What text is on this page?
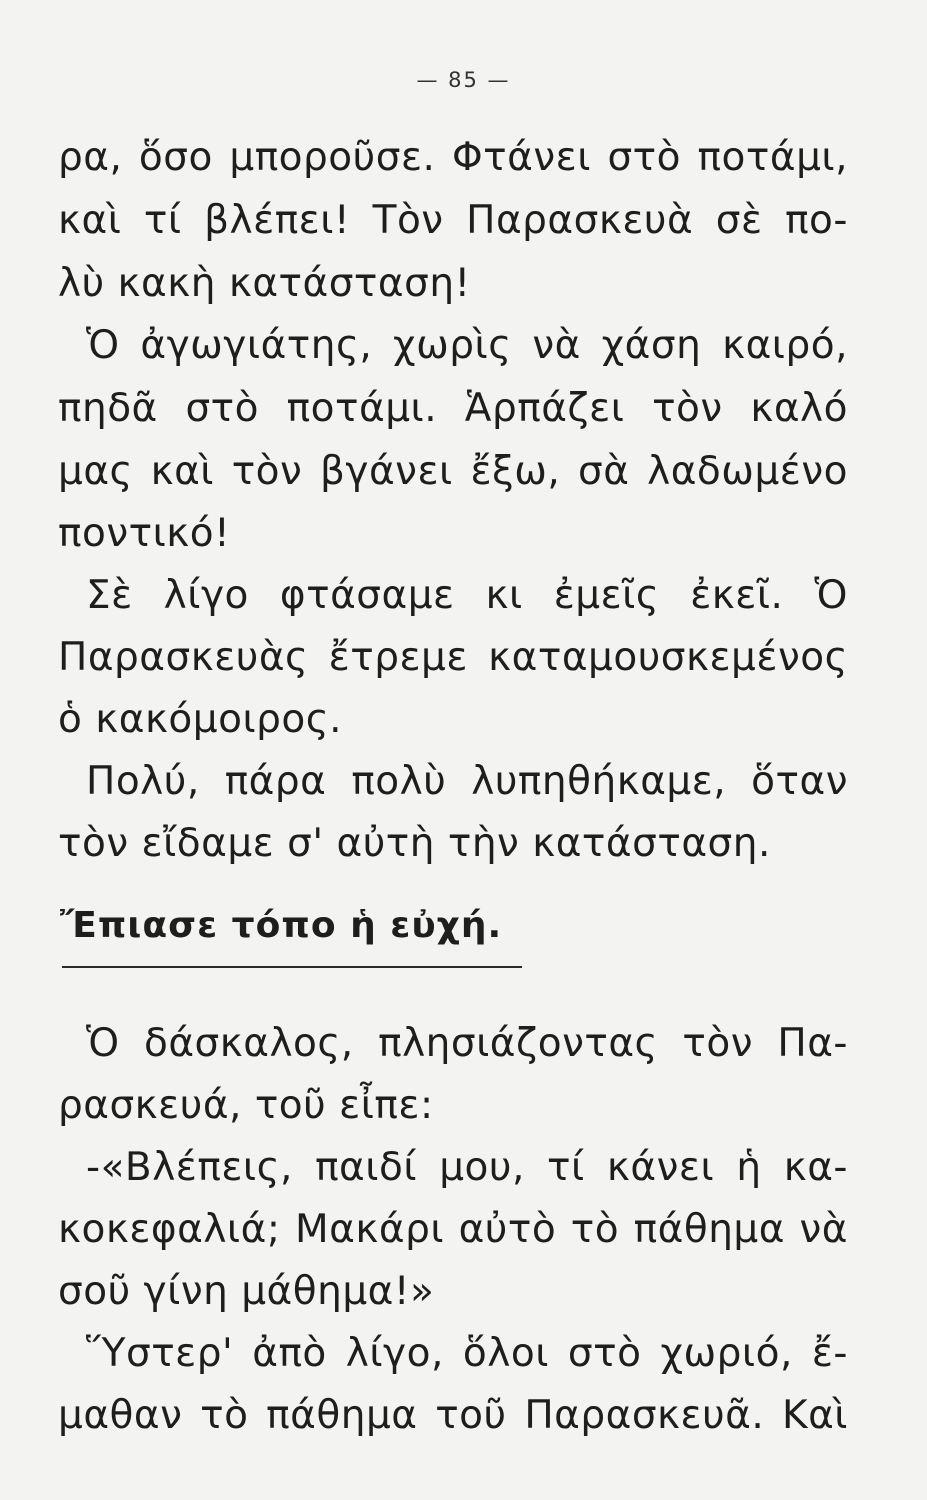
— 85 —
ρα, ὅσο μποροῦσε. Φτάνει στὸ ποτάμι,
καὶ τί βλέπει! Τὸν Παρασκευὰ σὲ πο-
λὺ κακὴ κατάσταση!
Ὁ ἀγωγιάτης, χωρὶς νὰ χάση καιρό,
πηδᾶ στὸ ποτάμι. Ἁρπάζει τὸν καλό
μας καὶ τὸν βγάνει ἔξω, σὰ λαδωμένο
ποντικό!
Σὲ λίγο φτάσαμε κι ἐμεῖς ἐκεῖ. Ὁ
Παρασκευὰς ἔτρεμε καταμουσκεμένος
ὁ κακόμοιρος.
Πολύ, πάρα πολὺ λυπηθήκαμε, ὅταν
τὸν εἴδαμε σ' αὐτὴ τὴν κατάσταση.
Ἔπιασε τόπο ἡ εὐχή.
Ὁ δάσκαλος, πλησιάζοντας τὸν Πα-
ρασκευά, τοῦ εἶπε:
-«Βλέπεις, παιδί μου, τί κάνει ἡ κα-
κοκεφαλιά; Μακάρι αὐτὸ τὸ πάθημα νὰ
σοῦ γίνη μάθημα!»
Ὕστερ' ἀπὸ λίγο, ὅλοι στὸ χωριό, ἔ-
μαθαν τὸ πάθημα τοῦ Παρασκευᾶ. Καὶ
